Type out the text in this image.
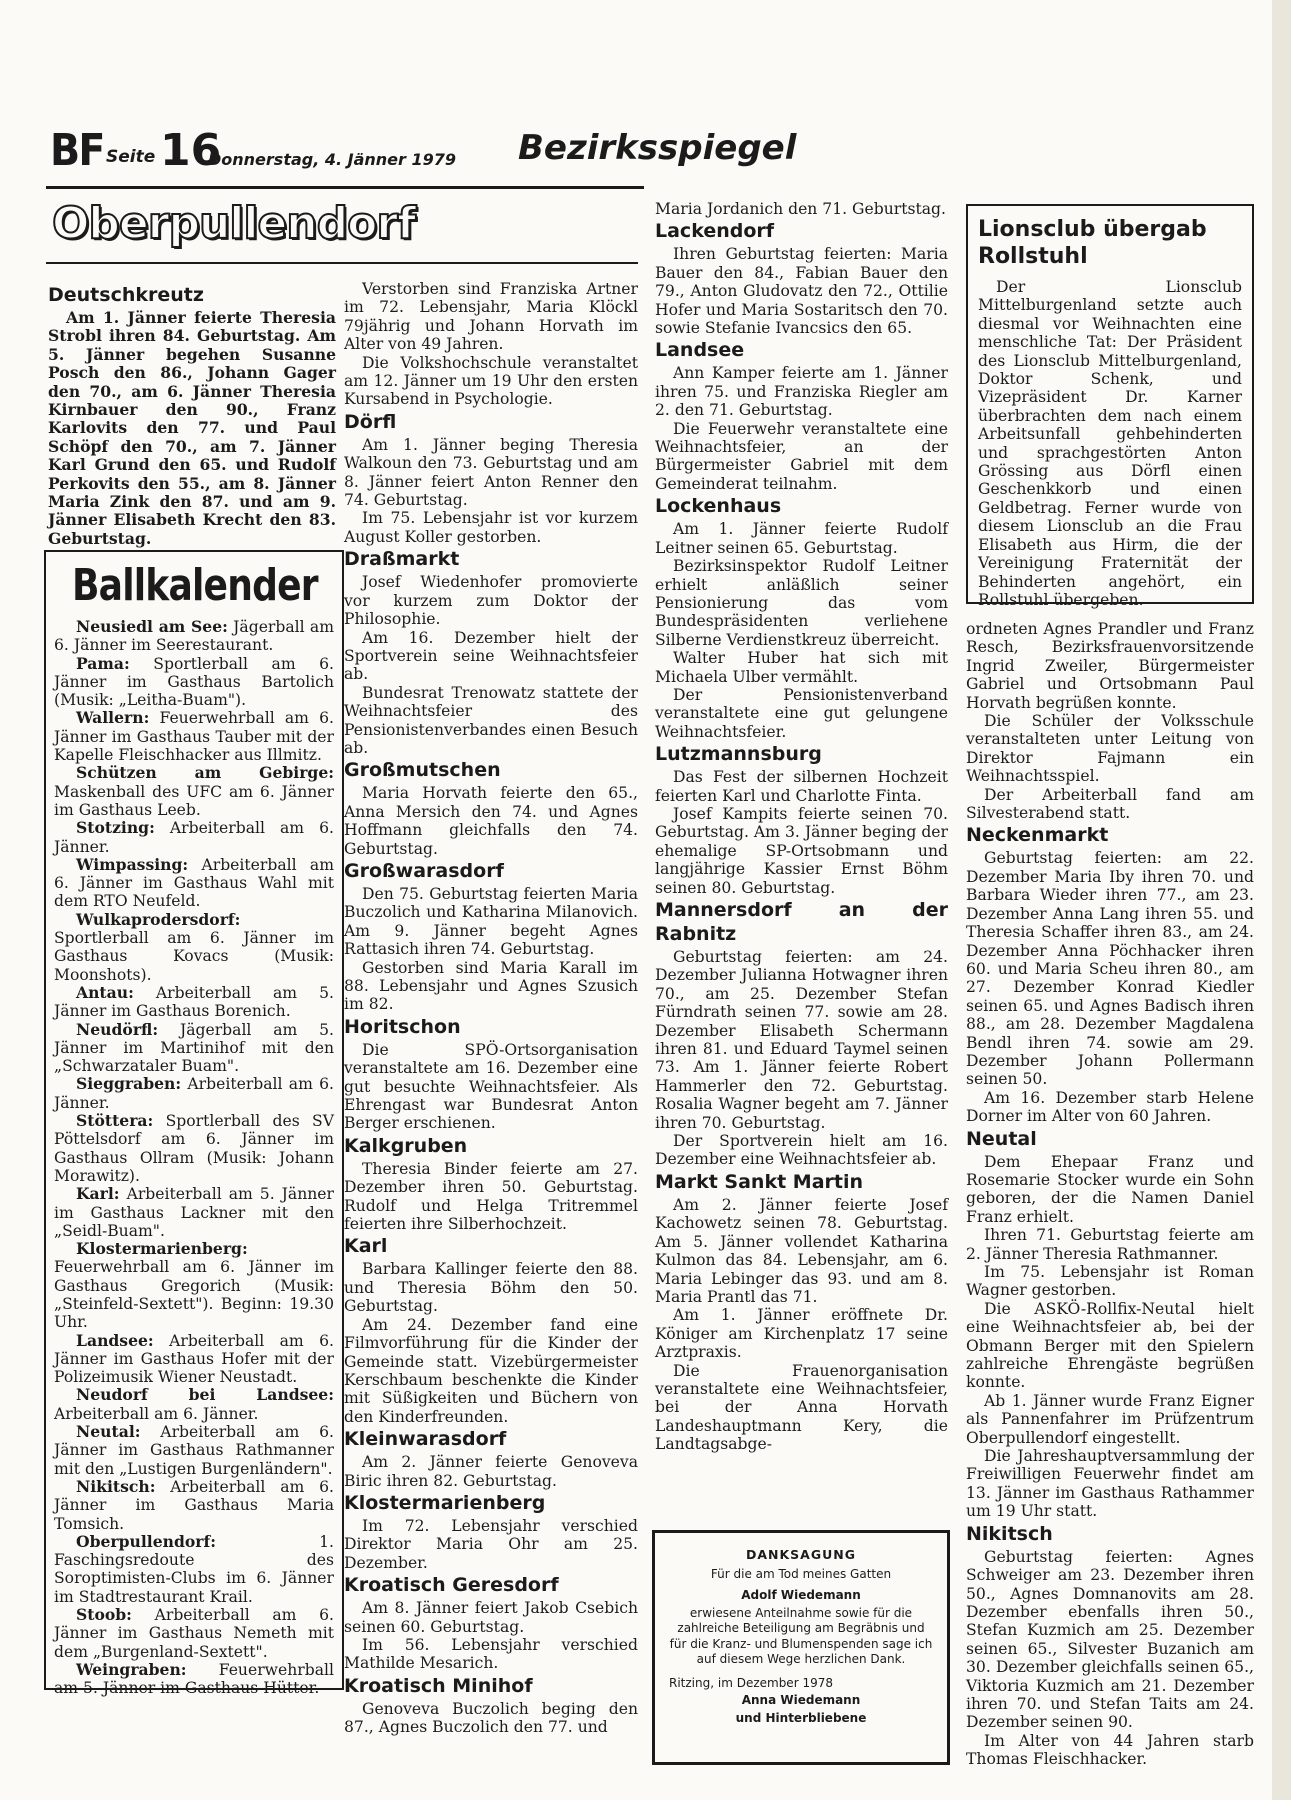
BF Seite 16
Donnerstag, 4. Jänner 1979 Bezirksspiegel
Oberpullendorf
Deutschkreutz

Am 1. Jänner feierte Theresia Strobl ihren 84. Geburtstag. Am 5. Jänner begehen Susanne Posch den 86., Johann Gager den 70., am 6. Jänner Theresia Kirnbauer den 90., Franz Karlovits den 77. und Paul Schöpf den 70., am 7. Jänner Karl Grund den 65. und Rudolf Perkovits den 55., am 8. Jänner Maria Zink den 87. und am 9. Jänner Elisabeth Krecht den 83. Geburtstag.

Ballkalender

Neusiedl am See: Jägerball am 6. Jänner im Seerestaurant.

Pama: Sportlerball am 6. Jänner im Gasthaus Bartolich (Musik: „Leitha-Buam").

Wallern: Feuerwehrball am 6. Jänner im Gasthaus Tauber mit der Kapelle Fleischhacker aus Illmitz.

Schützen am Gebirge: Maskenball des UFC am 6. Jänner im Gasthaus Leeb.

Stotzing: Arbeiterball am 6. Jänner.

Wimpassing: Arbeiterball am 6. Jänner im Gasthaus Wahl mit dem RTO Neufeld.

Wulkaprodersdorf: Sportlerball am 6. Jänner im Gasthaus Kovacs (Musik: Moonshots).

Antau: Arbeiterball am 5. Jänner im Gasthaus Borenich.

Neudörfl: Jägerball am 5. Jänner im Martinihof mit den „Schwarzataler Buam".

Sieggraben: Arbeiterball am 6. Jänner.

Stöttera: Sportlerball des SV Pöttelsdorf am 6. Jänner im Gasthaus Ollram (Musik: Johann Morawitz).

Karl: Arbeiterball am 5. Jänner im Gasthaus Lackner mit den „Seidl-Buam".

Klostermarienberg: Feuerwehrball am 6. Jänner im Gasthaus Gregorich (Musik: „Steinfeld-Sextett"). Beginn: 19.30 Uhr.

Landsee: Arbeiterball am 6. Jänner im Gasthaus Hofer mit der Polizeimusik Wiener Neustadt.

Neudorf bei Landsee: Arbeiterball am 6. Jänner.

Neutal: Arbeiterball am 6. Jänner im Gasthaus Rathmanner mit den „Lustigen Burgenländern".

Nikitsch: Arbeiterball am 6. Jänner im Gasthaus Maria Tomsich.

Oberpullendorf: 1. Faschingsredoute des Soroptimisten-Clubs im 6. Jänner im Stadtrestaurant Krail.

Stoob: Arbeiterball am 6. Jänner im Gasthaus Nemeth mit dem „Burgenland-Sextett".

Weingraben: Feuerwehrball am 5. Jänner im Gasthaus Hütter.

Verstorben sind Franziska Artner im 72. Lebensjahr, Maria Klöckl 79jährig und Johann Horvath im Alter von 49 Jahren.

Die Volkshochschule veranstaltet am 12. Jänner um 19 Uhr den ersten Kursabend in Psychologie.

Dörfl

Am 1. Jänner beging Theresia Walkoun den 73. Geburtstag und am 8. Jänner feiert Anton Renner den 74. Geburtstag.

Im 75. Lebensjahr ist vor kurzem August Koller gestorben.

Draßmarkt

Josef Wiedenhofer promovierte vor kurzem zum Doktor der Philosophie.

Am 16. Dezember hielt der Sportverein seine Weihnachtsfeier ab.

Bundesrat Trenowatz stattete der Weihnachtsfeier des Pensionistenverbandes einen Besuch ab.

Großmutschen

Maria Horvath feierte den 65., Anna Mersich den 74. und Agnes Hoffmann gleichfalls den 74. Geburtstag.

Großwarasdorf

Den 75. Geburtstag feierten Maria Buczolich und Katharina Milanovich. Am 9. Jänner begeht Agnes Rattasich ihren 74. Geburtstag.

Gestorben sind Maria Karall im 88. Lebensjahr und Agnes Szusich im 82.

Horitschon

Die SPÖ-Ortsorganisation veranstaltete am 16. Dezember eine gut besuchte Weihnachtsfeier. Als Ehrengast war Bundesrat Anton Berger erschienen.

Kalkgruben

Theresia Binder feierte am 27. Dezember ihren 50. Geburtstag. Rudolf und Helga Tritremmel feierten ihre Silberhochzeit.

Karl

Barbara Kallinger feierte den 88. und Theresia Böhm den 50. Geburtstag.

Am 24. Dezember fand eine Filmvorführung für die Kinder der Gemeinde statt. Vizebürgermeister Kerschbaum beschenkte die Kinder mit Süßigkeiten und Büchern von den Kinderfreunden.

Kleinwarasdorf

Am 2. Jänner feierte Genoveva Biric ihren 82. Geburtstag.

Klostermarienberg

Im 72. Lebensjahr verschied Direktor Maria Ohr am 25. Dezember.

Kroatisch Geresdorf

Am 8. Jänner feiert Jakob Csebich seinen 60. Geburtstag.

Im 56. Lebensjahr verschied Mathilde Mesarich.

Kroatisch Minihof

Genoveva Buczolich beging den 87., Agnes Buczolich den 77. und

Maria Jordanich den 71. Geburtstag.

Lackendorf

Ihren Geburtstag feierten: Maria Bauer den 84., Fabian Bauer den 79., Anton Gludovatz den 72., Ottilie Hofer und Maria Sostaritsch den 70. sowie Stefanie Ivancsics den 65.

Landsee

Ann Kamper feierte am 1. Jänner ihren 75. und Franziska Riegler am 2. den 71. Geburtstag.

Die Feuerwehr veranstaltete eine Weihnachtsfeier, an der Bürgermeister Gabriel mit dem Gemeinderat teilnahm.

Lockenhaus

Am 1. Jänner feierte Rudolf Leitner seinen 65. Geburtstag.

Bezirksinspektor Rudolf Leitner erhielt anläßlich seiner Pensionierung das vom Bundespräsidenten verliehene Silberne Verdienstkreuz überreicht.

Walter Huber hat sich mit Michaela Ulber vermählt.

Der Pensionistenverband veranstaltete eine gut gelungene Weihnachtsfeier.

Lutzmannsburg

Das Fest der silbernen Hochzeit feierten Karl und Charlotte Finta.

Josef Kampits feierte seinen 70. Geburtstag. Am 3. Jänner beging der ehemalige SP-Ortsobmann und langjährige Kassier Ernst Böhm seinen 80. Geburtstag.

Mannersdorf an der Rabnitz

Geburtstag feierten: am 24. Dezember Julianna Hotwagner ihren 70., am 25. Dezember Stefan Fürndrath seinen 77. sowie am 28. Dezember Elisabeth Schermann ihren 81. und Eduard Taymel seinen 73. Am 1. Jänner feierte Robert Hammerler den 72. Geburtstag. Rosalia Wagner begeht am 7. Jänner ihren 70. Geburtstag.

Der Sportverein hielt am 16. Dezember eine Weihnachtsfeier ab.

Markt Sankt Martin

Am 2. Jänner feierte Josef Kachowetz seinen 78. Geburtstag. Am 5. Jänner vollendet Katharina Kulmon das 84. Lebensjahr, am 6. Maria Lebinger das 93. und am 8. Maria Prantl das 71.

Am 1. Jänner eröffnete Dr. Königer am Kirchenplatz 17 seine Arztpraxis.

Die Frauenorganisation veranstaltete eine Weihnachtsfeier, bei der Anna Horvath Landeshauptmann Kery, die Landtagsabge-

DANKSAGUNG
Für die am Tod meines Gatten
Adolf Wiedemann
erwiesene Anteilnahme sowie für die zahlreiche Beteiligung am Begräbnis und für die Kranz- und Blumenspenden sage ich auf diesem Wege herzlichen Dank.
Ritzing, im Dezember 1978
Anna Wiedemann
und Hinterbliebene
Lionsclub übergab Rollstuhl

Der Lionsclub Mittelburgenland setzte auch diesmal vor Weihnachten eine menschliche Tat: Der Präsident des Lionsclub Mittelburgenland, Doktor Schenk, und Vizepräsident Dr. Karner überbrachten dem nach einem Arbeitsunfall gehbehinderten und sprachgestörten Anton Grössing aus Dörfl einen Geschenkkorb und einen Geldbetrag. Ferner wurde von diesem Lionsclub an die Frau Elisabeth aus Hirm, die der Vereinigung Fraternität der Behinderten angehört, ein Rollstuhl übergeben.

ordneten Agnes Prandler und Franz Resch, Bezirksfrauenvorsitzende Ingrid Zweiler, Bürgermeister Gabriel und Ortsobmann Paul Horvath begrüßen konnte.

Die Schüler der Volksschule veranstalteten unter Leitung von Direktor Fajmann ein Weihnachtsspiel.

Der Arbeiterball fand am Silvesterabend statt.

Neckenmarkt

Geburtstag feierten: am 22. Dezember Maria Iby ihren 70. und Barbara Wieder ihren 77., am 23. Dezember Anna Lang ihren 55. und Theresia Schaffer ihren 83., am 24. Dezember Anna Pöchhacker ihren 60. und Maria Scheu ihren 80., am 27. Dezember Konrad Kiedler seinen 65. und Agnes Badisch ihren 88., am 28. Dezember Magdalena Bendl ihren 74. sowie am 29. Dezember Johann Pollermann seinen 50.

Am 16. Dezember starb Helene Dorner im Alter von 60 Jahren.

Neutal

Dem Ehepaar Franz und Rosemarie Stocker wurde ein Sohn geboren, der die Namen Daniel Franz erhielt.

Ihren 71. Geburtstag feierte am 2. Jänner Theresia Rathmanner.

Im 75. Lebensjahr ist Roman Wagner gestorben.

Die ASKÖ-Rollfix-Neutal hielt eine Weihnachtsfeier ab, bei der Obmann Berger mit den Spielern zahlreiche Ehrengäste begrüßen konnte.

Ab 1. Jänner wurde Franz Eigner als Pannenfahrer im Prüfzentrum Oberpullendorf eingestellt.

Die Jahreshauptversammlung der Freiwilligen Feuerwehr findet am 13. Jänner im Gasthaus Rathammer um 19 Uhr statt.

Nikitsch

Geburtstag feierten: Agnes Schweiger am 23. Dezember ihren 50., Agnes Domnanovits am 28. Dezember ebenfalls ihren 50., Stefan Kuzmich am 25. Dezember seinen 65., Silvester Buzanich am 30. Dezember gleichfalls seinen 65., Viktoria Kuzmich am 21. Dezember ihren 70. und Stefan Taits am 24. Dezember seinen 90.

Im Alter von 44 Jahren starb Thomas Fleischhacker.
